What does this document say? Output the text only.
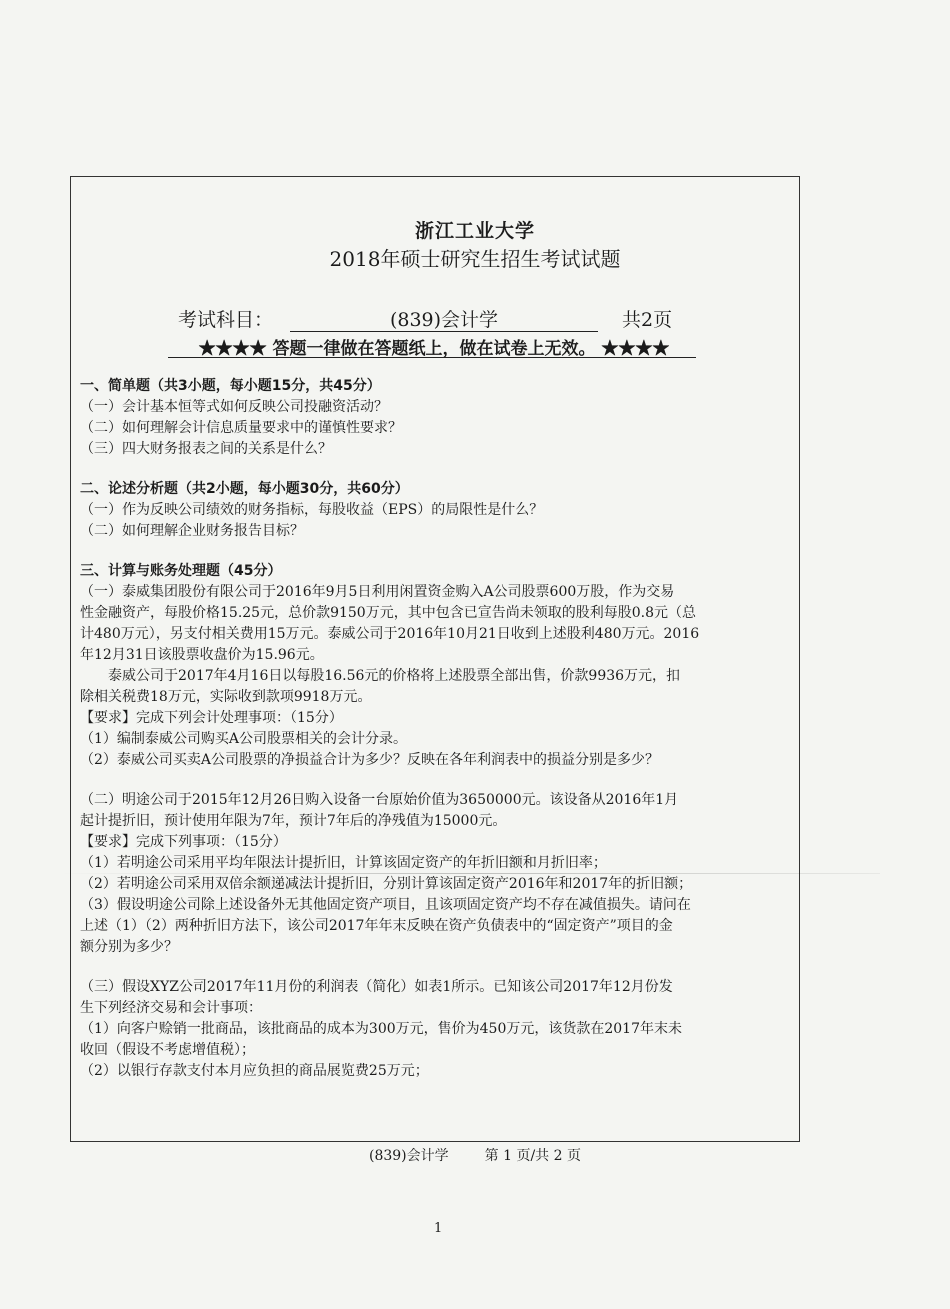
浙江工业大学
2018年硕士研究生招生考试试题
考试科目：	(839)会计学	共2页
★★★★ 答题一律做在答题纸上，做在试卷上无效。 ★★★★
一、简单题（共3小题，每小题15分，共45分）
（一）会计基本恒等式如何反映公司投融资活动？
（二）如何理解会计信息质量要求中的谨慎性要求？
（三）四大财务报表之间的关系是什么？
二、论述分析题（共2小题，每小题30分，共60分）
（一）作为反映公司绩效的财务指标，每股收益（EPS）的局限性是什么？
（二）如何理解企业财务报告目标？
三、计算与账务处理题（45分）
（一）泰威集团股份有限公司于2016年9月5日利用闲置资金购入A公司股票600万股，作为交易
性金融资产，每股价格15.25元，总价款9150万元，其中包含已宣告尚未领取的股利每股0.8元（总
计480万元），另支付相关费用15万元。泰威公司于2016年10月21日收到上述股利480万元。2016
年12月31日该股票收盘价为15.96元。
泰威公司于2017年4月16日以每股16.56元的价格将上述股票全部出售，价款9936万元，扣
除相关税费18万元，实际收到款项9918万元。
【要求】完成下列会计处理事项：（15分）
（1）编制泰威公司购买A公司股票相关的会计分录。
（2）泰威公司买卖A公司股票的净损益合计为多少？反映在各年利润表中的损益分别是多少？
（二）明途公司于2015年12月26日购入设备一台原始价值为3650000元。该设备从2016年1月
起计提折旧，预计使用年限为7年，预计7年后的净残值为15000元。
【要求】完成下列事项：（15分）
（1）若明途公司采用平均年限法计提折旧，计算该固定资产的年折旧额和月折旧率；
（2）若明途公司采用双倍余额递减法计提折旧，分别计算该固定资产2016年和2017年的折旧额；
（3）假设明途公司除上述设备外无其他固定资产项目，且该项固定资产均不存在减值损失。请问在
上述（1）（2）两种折旧方法下，该公司2017年年末反映在资产负债表中的“固定资产”项目的金
额分别为多少？
（三）假设XYZ公司2017年11月份的利润表（简化）如表1所示。已知该公司2017年12月份发
生下列经济交易和会计事项：
（1）向客户赊销一批商品，该批商品的成本为300万元，售价为450万元，该货款在2017年末未
收回（假设不考虑增值税）；
（2）以银行存款支付本月应负担的商品展览费25万元；
(839)会计学	第 1 页/共 2 页
1
